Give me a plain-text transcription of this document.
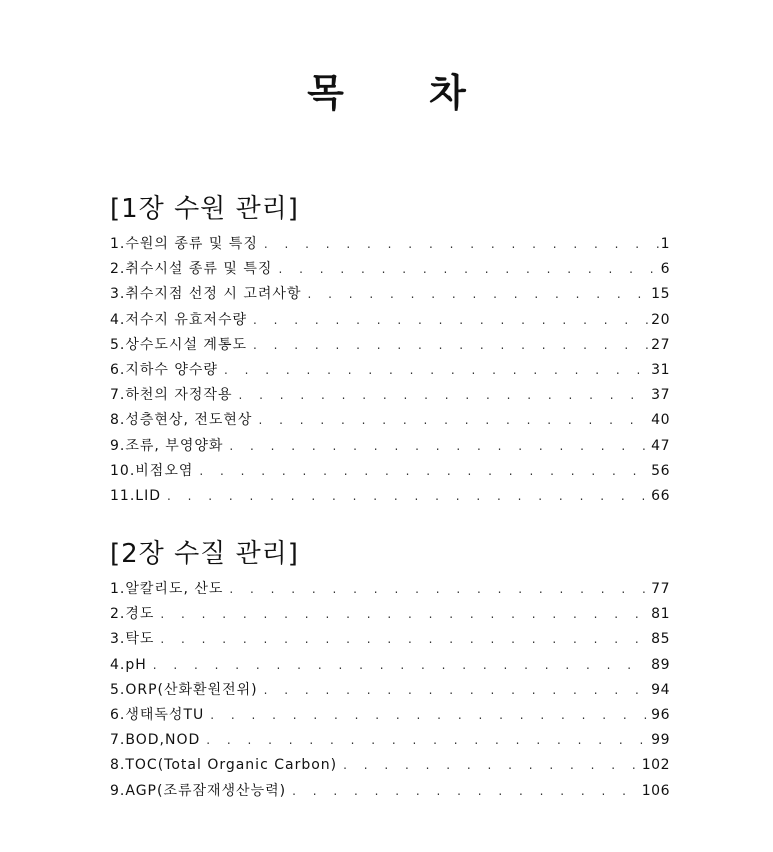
목 차
[1장 수원 관리]
1.수원의 종류 및 특징 . . .	1
2.취수시설 종류 및 특징 . . .	6
3.취수지점 선정 시 고려사항 . . .	15
4.저수지 유효저수량 . . .	20
5.상수도시설 계통도 . . .	27
6.지하수 양수량 . . .	31
7.하천의 자정작용 . . .	37
8.성층현상, 전도현상 . . .	40
9.조류, 부영양화 . . .	47
10.비점오염 . . .	56
11.LID . . .	66
[2장 수질 관리]
1.알칼리도, 산도 . . .	77
2.경도 . . .	81
3.탁도 . . .	85
4.pH . . .	89
5.ORP(산화환원전위) . . .	94
6.생태독성TU . . .	96
7.BOD,NOD . . .	99
8.TOC(Total Organic Carbon) . . .	102
9.AGP(조류잠재생산능력) . . .	106
